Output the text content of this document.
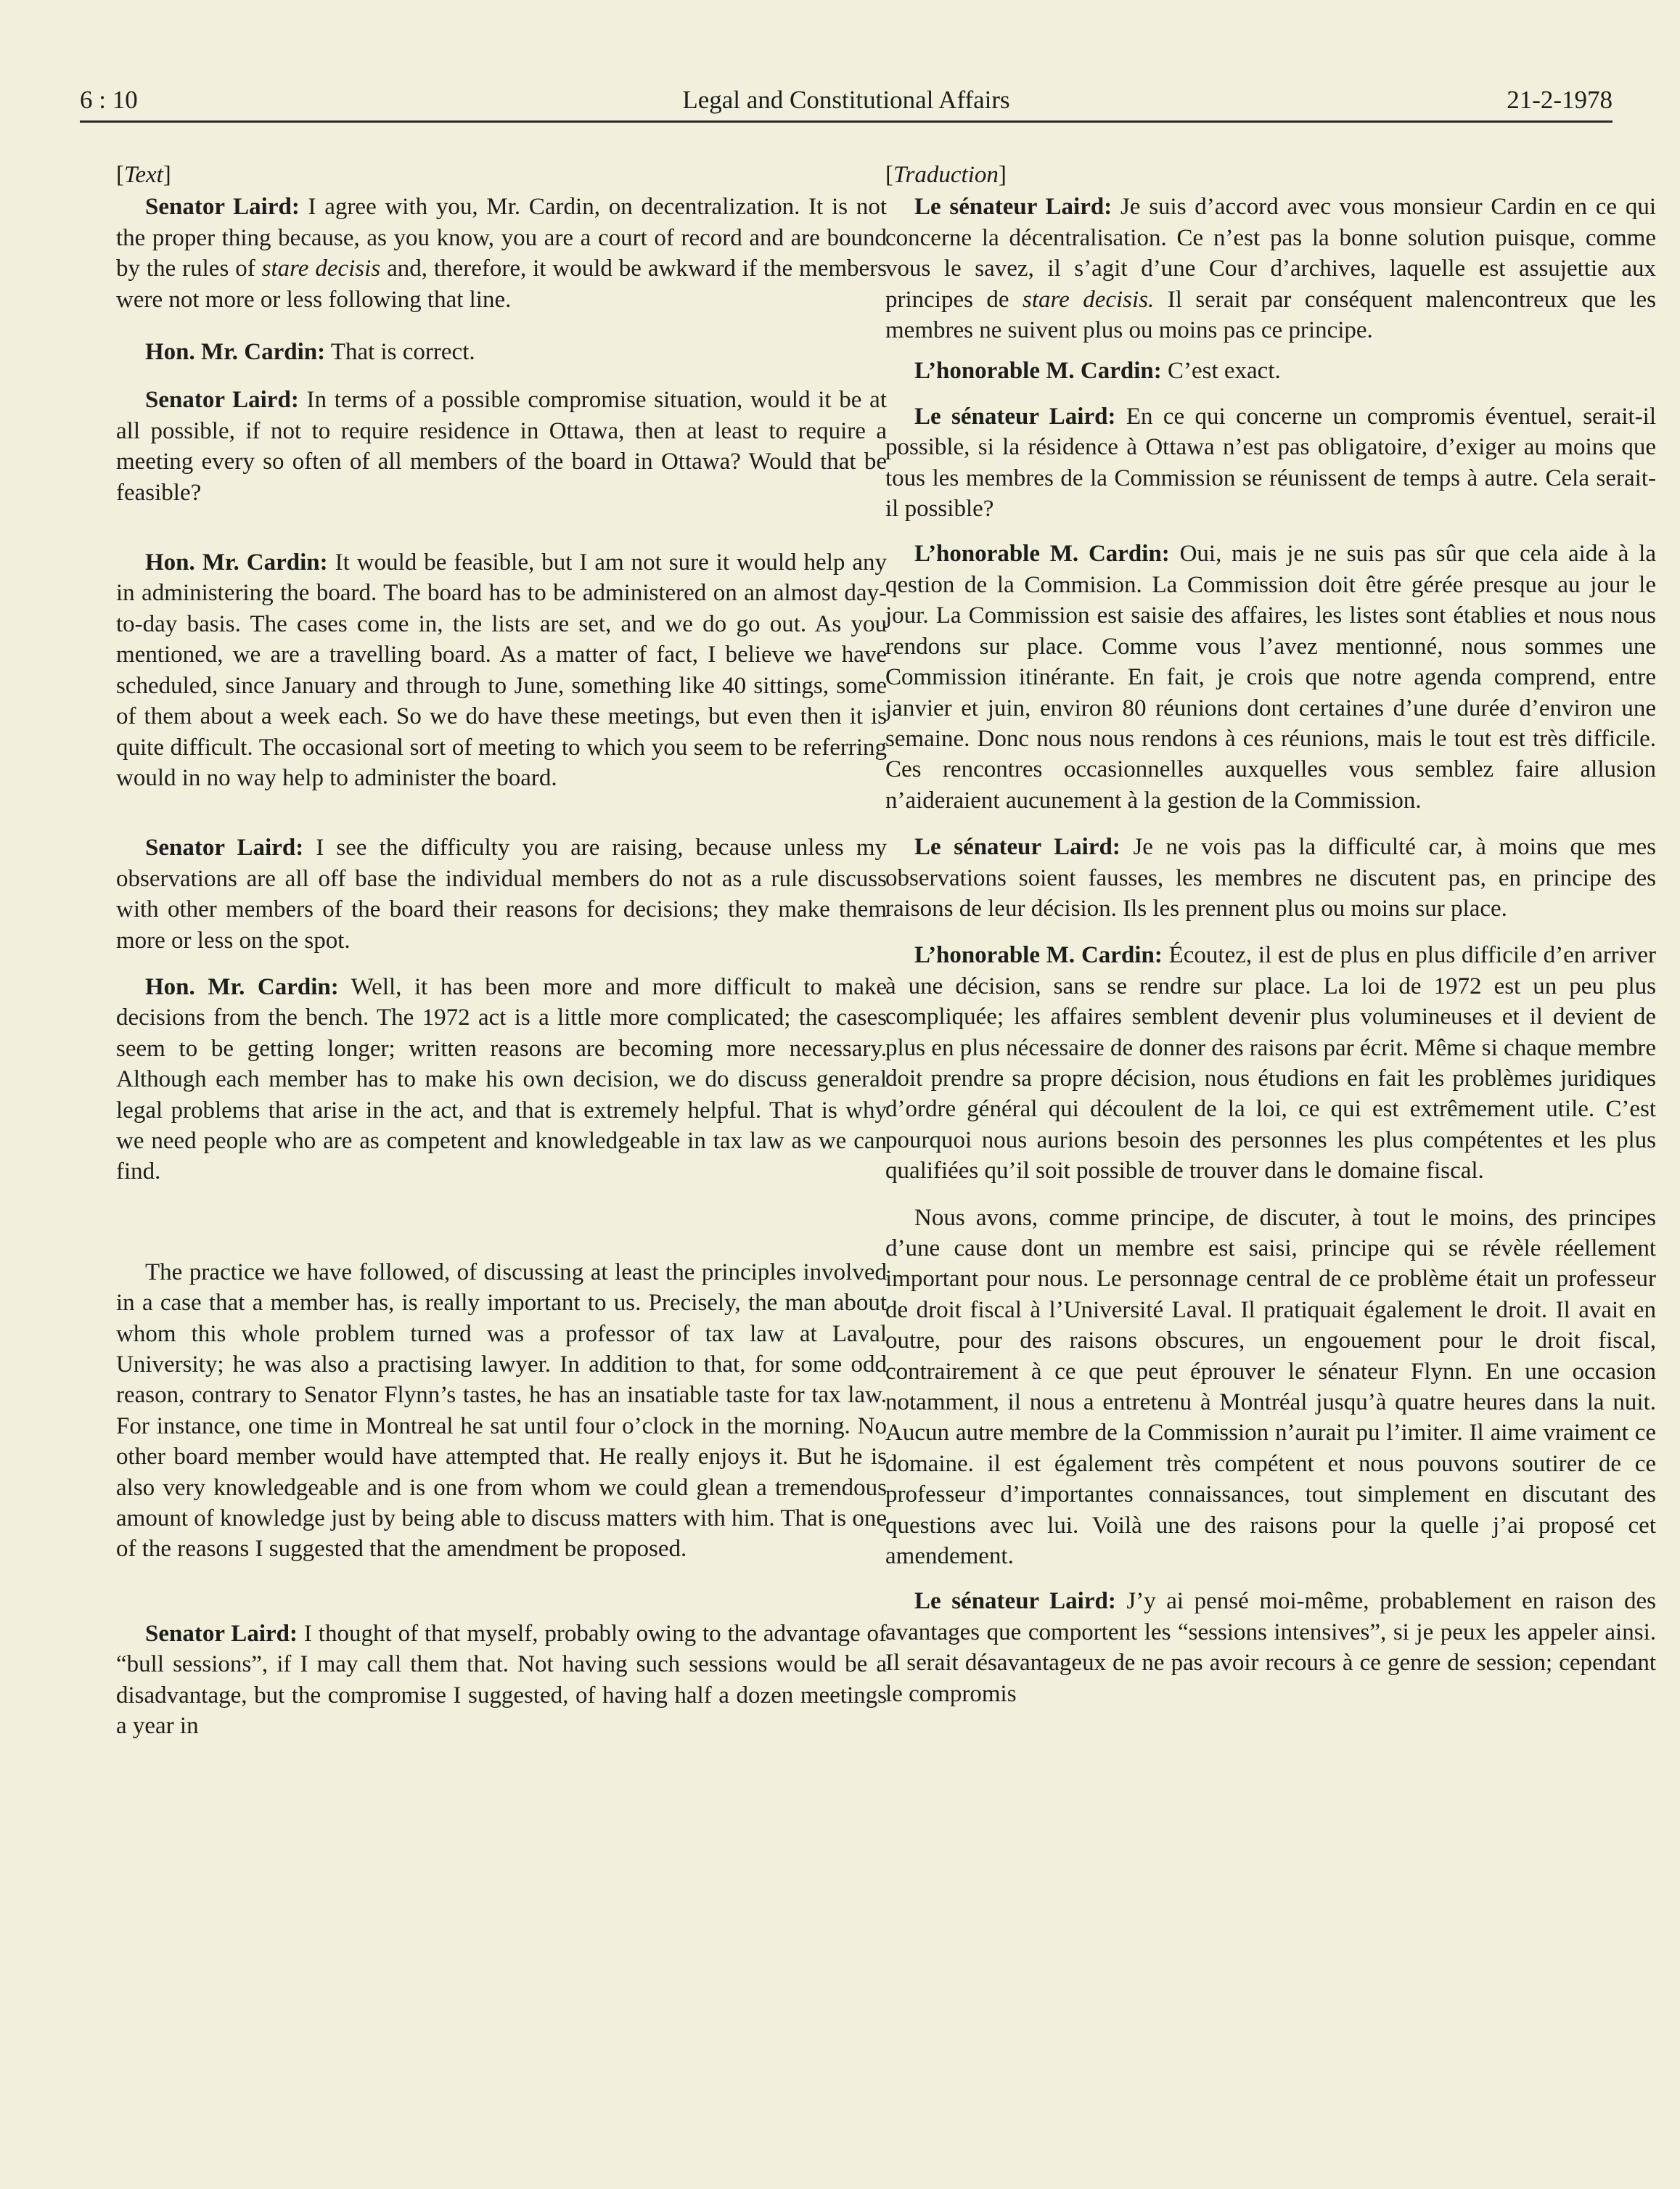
6 : 10	Legal and Constitutional Affairs	21-2-1978

[Text]

Senator Laird: I agree with you, Mr. Cardin, on decentralization. It is not the proper thing because, as you know, you are a court of record and are bound by the rules of stare decisis and, therefore, it would be awkward if the members were not more or less following that line.

Hon. Mr. Cardin: That is correct.

Senator Laird: In terms of a possible compromise situation, would it be at all possible, if not to require residence in Ottawa, then at least to require a meeting every so often of all members of the board in Ottawa? Would that be feasible?

Hon. Mr. Cardin: It would be feasible, but I am not sure it would help any in administering the board. The board has to be administered on an almost day-to-day basis. The cases come in, the lists are set, and we do go out. As you mentioned, we are a travelling board. As a matter of fact, I believe we have scheduled, since January and through to June, something like 40 sittings, some of them about a week each. So we do have these meetings, but even then it is quite difficult. The occasional sort of meeting to which you seem to be referring would in no way help to administer the board.

Senator Laird: I see the difficulty you are raising, because unless my observations are all off base the individual members do not as a rule discuss with other members of the board their reasons for decisions; they make them more or less on the spot.

Hon. Mr. Cardin: Well, it has been more and more difficult to make decisions from the bench. The 1972 act is a little more complicated; the cases seem to be getting longer; written reasons are becoming more necessary. Although each member has to make his own decision, we do discuss general legal problems that arise in the act, and that is extremely helpful. That is why we need people who are as competent and knowledgeable in tax law as we can find.

The practice we have followed, of discussing at least the principles involved in a case that a member has, is really important to us. Precisely, the man about whom this whole problem turned was a professor of tax law at Laval University; he was also a practising lawyer. In addition to that, for some odd reason, contrary to Senator Flynn’s tastes, he has an insatiable taste for tax law. For instance, one time in Montreal he sat until four o’clock in the morning. No other board member would have attempted that. He really enjoys it. But he is also very knowledgeable and is one from whom we could glean a tremendous amount of knowledge just by being able to discuss matters with him. That is one of the reasons I suggested that the amendment be proposed.

Senator Laird: I thought of that myself, probably owing to the advantage of “bull sessions”, if I may call them that. Not having such sessions would be a disadvantage, but the compromise I suggested, of having half a dozen meetings a year in

[Traduction]

Le sénateur Laird: Je suis d’accord avec vous monsieur Cardin en ce qui concerne la décentralisation. Ce n’est pas la bonne solution puisque, comme vous le savez, il s’agit d’une Cour d’archives, laquelle est assujettie aux principes de stare decisis. Il serait par conséquent malencontreux que les membres ne suivent plus ou moins pas ce principe.

L’honorable M. Cardin: C’est exact.

Le sénateur Laird: En ce qui concerne un compromis éventuel, serait-il possible, si la résidence à Ottawa n’est pas obligatoire, d’exiger au moins que tous les membres de la Commission se réunissent de temps à autre. Cela serait-il possible?

L’honorable M. Cardin: Oui, mais je ne suis pas sûr que cela aide à la qestion de la Commision. La Commission doit être gérée presque au jour le jour. La Commission est saisie des affaires, les listes sont établies et nous nous rendons sur place. Comme vous l’avez mentionné, nous sommes une Commission itinérante. En fait, je crois que notre agenda comprend, entre janvier et juin, environ 80 réunions dont certaines d’une durée d’environ une semaine. Donc nous nous rendons à ces réunions, mais le tout est très difficile. Ces rencontres occasionnelles auxquelles vous semblez faire allusion n’aideraient aucunement à la gestion de la Commission.

Le sénateur Laird: Je ne vois pas la difficulté car, à moins que mes observations soient fausses, les membres ne discutent pas, en principe des raisons de leur décision. Ils les prennent plus ou moins sur place.

L’honorable M. Cardin: Écoutez, il est de plus en plus difficile d’en arriver à une décision, sans se rendre sur place. La loi de 1972 est un peu plus compliquée; les affaires semblent devenir plus volumineuses et il devient de plus en plus nécessaire de donner des raisons par écrit. Même si chaque membre doit prendre sa propre décision, nous étudions en fait les problèmes juridiques d’ordre général qui découlent de la loi, ce qui est extrêmement utile. C’est pourquoi nous aurions besoin des personnes les plus compétentes et les plus qualifiées qu’il soit possible de trouver dans le domaine fiscal.

Nous avons, comme principe, de discuter, à tout le moins, des principes d’une cause dont un membre est saisi, principe qui se révèle réellement important pour nous. Le personnage central de ce problème était un professeur de droit fiscal à l’Université Laval. Il pratiquait également le droit. Il avait en outre, pour des raisons obscures, un engouement pour le droit fiscal, contrairement à ce que peut éprouver le sénateur Flynn. En une occasion notamment, il nous a entretenu à Montréal jusqu’à quatre heures dans la nuit. Aucun autre membre de la Commission n’aurait pu l’imiter. Il aime vraiment ce domaine. il est également très compétent et nous pouvons soutirer de ce professeur d’importantes connaissances, tout simplement en discutant des questions avec lui. Voilà une des raisons pour la quelle j’ai proposé cet amendement.

Le sénateur Laird: J’y ai pensé moi-même, probablement en raison des avantages que comportent les “sessions intensives”, si je peux les appeler ainsi. Il serait désavantageux de ne pas avoir recours à ce genre de session; cependant le compromis
